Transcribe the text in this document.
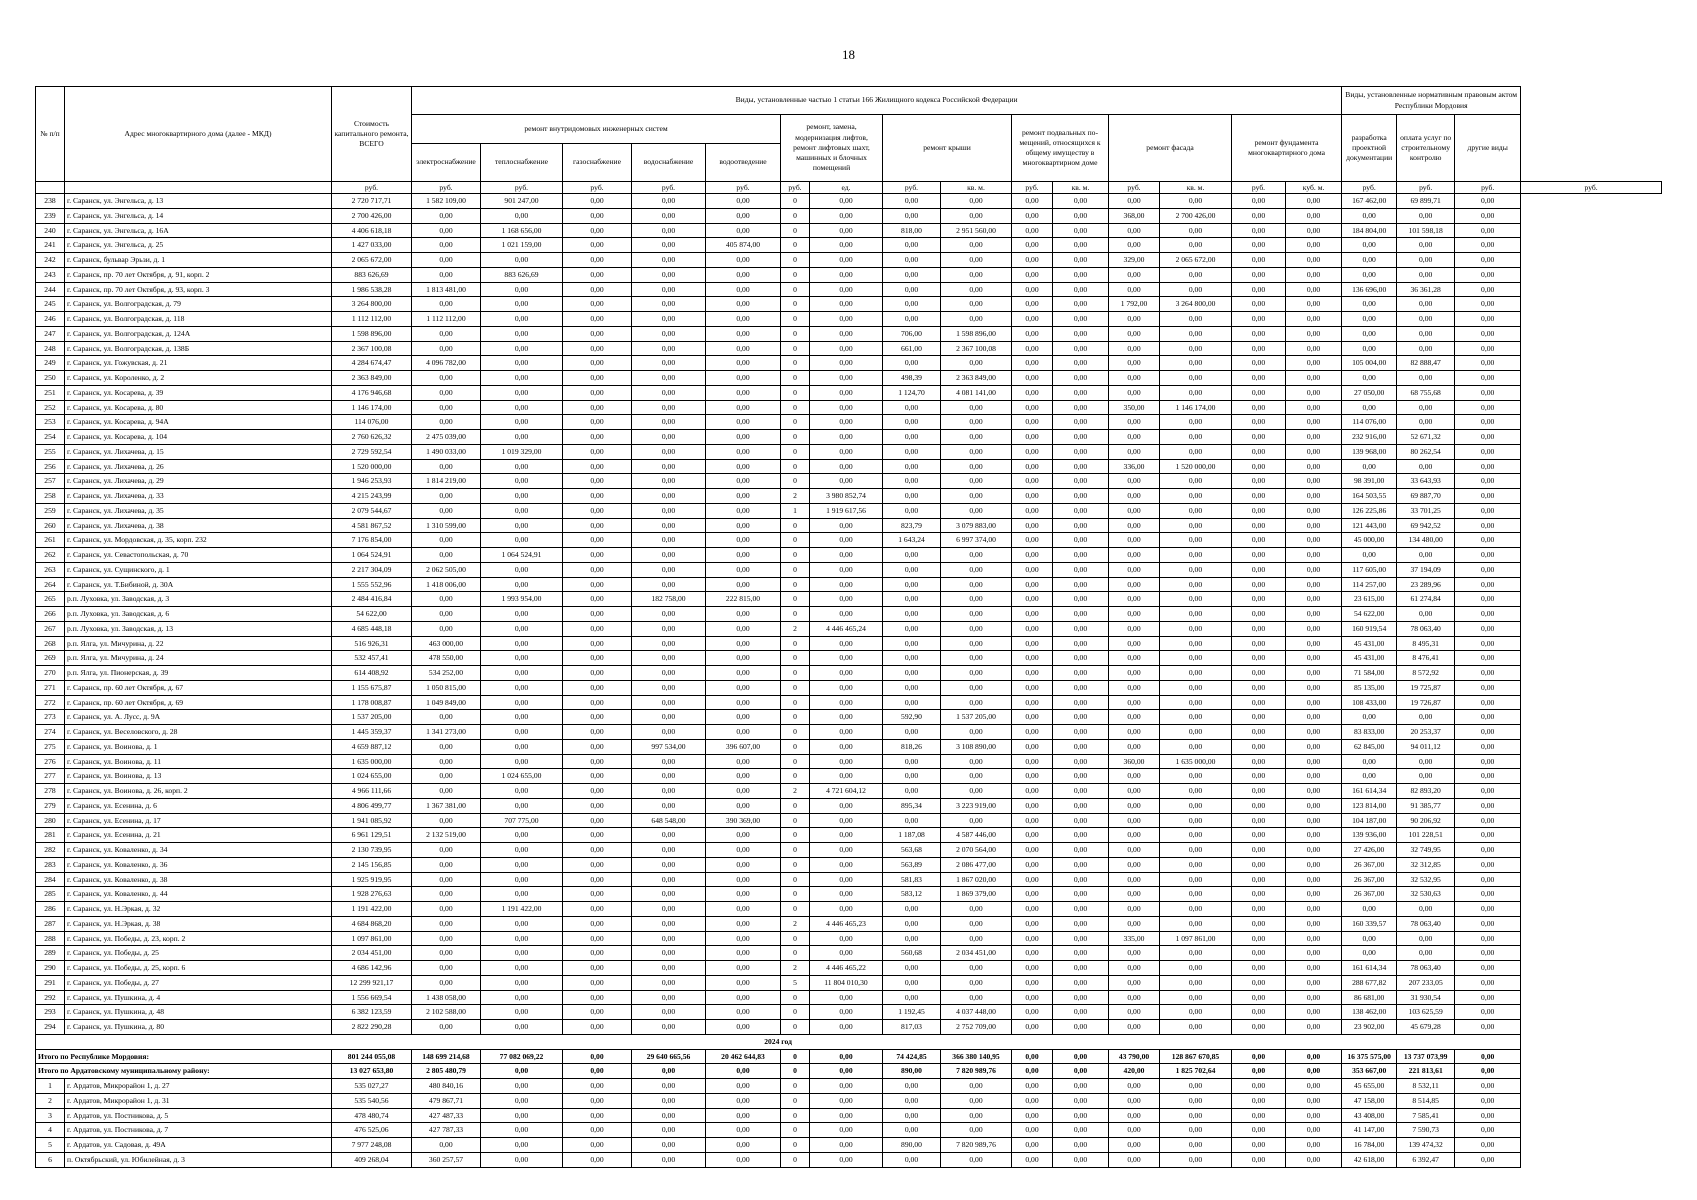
18
№ п/п	Адрес многоквартирного дома (далее - МКД)	Стоимость капитального ремонта, ВСЕГО	Виды, установленные частью 1 статьи 166 Жилищного кодекса Российской Федерации															Виды, установленные нормативным правовым актом Республики Мордовия			
			ремонт внутридомовых инженерных систем					ремонт, замена, модернизация лифтов, ремонт лифтовых шахт, машинных и блочных помещений		ремонт крыши		ремонт подвальных по- мещений, относящихся к общему имуществу в многоквартирном доме		ремонт фасада		ремонт фундамента многоквартирного дома		разработка проектной документации	оплата услуг по строительному контролю	другие виды	
			электроснабжение	теплоснабжение	газоснабжение	водоснабжение	водоотведение														
		руб.	руб.	руб.	руб.	руб.	руб.	руб.	ед.	руб.	кв. м.	руб.	кв. м.	руб.	кв. м.	руб.	куб. м.	руб.	руб.	руб.	руб.
238	г. Саранск, ул. Энгельса, д. 13	2 720 717,71	1 582 109,00	901 247,00	0,00	0,00	0,00	0	0,00	0,00	0,00	0,00	0,00	0,00	0,00	0,00	0,00	167 462,00	69 899,71	0,00	
239	г. Саранск, ул. Энгельса, д. 14	2 700 426,00	0,00	0,00	0,00	0,00	0,00	0	0,00	0,00	0,00	0,00	0,00	368,00	2 700 426,00	0,00	0,00	0,00	0,00	0,00	
240	г. Саранск, ул. Энгельса, д. 16А	4 406 618,18	0,00	1 168 656,00	0,00	0,00	0,00	0	0,00	818,00	2 951 560,00	0,00	0,00	0,00	0,00	0,00	0,00	184 804,00	101 598,18	0,00	
241	г. Саранск, ул. Энгельса, д. 25	1 427 033,00	0,00	1 021 159,00	0,00	0,00	405 874,00	0	0,00	0,00	0,00	0,00	0,00	0,00	0,00	0,00	0,00	0,00	0,00	0,00	
242	г. Саранск, бульвар Эрьзи, д. 1	2 065 672,00	0,00	0,00	0,00	0,00	0,00	0	0,00	0,00	0,00	0,00	0,00	329,00	2 065 672,00	0,00	0,00	0,00	0,00	0,00	
243	г. Саранск, пр. 70 лет Октября, д. 91, корп. 2	883 626,69	0,00	883 626,69	0,00	0,00	0,00	0	0,00	0,00	0,00	0,00	0,00	0,00	0,00	0,00	0,00	0,00	0,00	0,00	
244	г. Саранск, пр. 70 лет Октября, д. 93, корп. 3	1 986 538,28	1 813 481,00	0,00	0,00	0,00	0,00	0	0,00	0,00	0,00	0,00	0,00	0,00	0,00	0,00	0,00	136 696,00	36 361,28	0,00	
245	г. Саранск, ул. Волгоградская, д. 79	3 264 800,00	0,00	0,00	0,00	0,00	0,00	0	0,00	0,00	0,00	0,00	0,00	1 792,00	3 264 800,00	0,00	0,00	0,00	0,00	0,00	
246	г. Саранск, ул. Волгоградская, д. 118	1 112 112,00	1 112 112,00	0,00	0,00	0,00	0,00	0	0,00	0,00	0,00	0,00	0,00	0,00	0,00	0,00	0,00	0,00	0,00	0,00	
247	г. Саранск, ул. Волгоградская, д. 124А	1 598 896,00	0,00	0,00	0,00	0,00	0,00	0	0,00	706,00	1 598 896,00	0,00	0,00	0,00	0,00	0,00	0,00	0,00	0,00	0,00	
248	г. Саранск, ул. Волгоградская, д. 138Б	2 367 100,08	0,00	0,00	0,00	0,00	0,00	0	0,00	661,00	2 367 100,08	0,00	0,00	0,00	0,00	0,00	0,00	0,00	0,00	0,00	
249	г. Саранск, ул. Гожувская, д. 21	4 284 674,47	4 096 782,00	0,00	0,00	0,00	0,00	0	0,00	0,00	0,00	0,00	0,00	0,00	0,00	0,00	0,00	105 004,00	82 888,47	0,00	
250	г. Саранск, ул. Короленко, д. 2	2 363 849,00	0,00	0,00	0,00	0,00	0,00	0	0,00	498,39	2 363 849,00	0,00	0,00	0,00	0,00	0,00	0,00	0,00	0,00	0,00	
251	г. Саранск, ул. Косарева, д. 39	4 176 946,68	0,00	0,00	0,00	0,00	0,00	0	0,00	1 124,70	4 081 141,00	0,00	0,00	0,00	0,00	0,00	0,00	27 050,00	68 755,68	0,00	
252	г. Саранск, ул. Косарева, д. 80	1 146 174,00	0,00	0,00	0,00	0,00	0,00	0	0,00	0,00	0,00	0,00	0,00	350,00	1 146 174,00	0,00	0,00	0,00	0,00	0,00	
253	г. Саранск, ул. Косарева, д. 94А	114 076,00	0,00	0,00	0,00	0,00	0,00	0	0,00	0,00	0,00	0,00	0,00	0,00	0,00	0,00	0,00	114 076,00	0,00	0,00	
254	г. Саранск, ул. Косарева, д. 104	2 760 626,32	2 475 039,00	0,00	0,00	0,00	0,00	0	0,00	0,00	0,00	0,00	0,00	0,00	0,00	0,00	0,00	232 916,00	52 671,32	0,00	
255	г. Саранск, ул. Лихачева, д. 15	2 729 592,54	1 490 033,00	1 019 329,00	0,00	0,00	0,00	0	0,00	0,00	0,00	0,00	0,00	0,00	0,00	0,00	0,00	139 968,00	80 262,54	0,00	
256	г. Саранск, ул. Лихачева, д. 26	1 520 000,00	0,00	0,00	0,00	0,00	0,00	0	0,00	0,00	0,00	0,00	0,00	336,00	1 520 000,00	0,00	0,00	0,00	0,00	0,00	
257	г. Саранск, ул. Лихачева, д. 29	1 946 253,93	1 814 219,00	0,00	0,00	0,00	0,00	0	0,00	0,00	0,00	0,00	0,00	0,00	0,00	0,00	0,00	98 391,00	33 643,93	0,00	
258	г. Саранск, ул. Лихачева, д. 33	4 215 243,99	0,00	0,00	0,00	0,00	0,00	2	3 980 852,74	0,00	0,00	0,00	0,00	0,00	0,00	0,00	0,00	164 503,55	69 887,70	0,00	
259	г. Саранск, ул. Лихачева, д. 35	2 079 544,67	0,00	0,00	0,00	0,00	0,00	1	1 919 617,56	0,00	0,00	0,00	0,00	0,00	0,00	0,00	0,00	126 225,86	33 701,25	0,00	
260	г. Саранск, ул. Лихачева, д. 38	4 581 867,52	1 310 599,00	0,00	0,00	0,00	0,00	0	0,00	823,79	3 079 883,00	0,00	0,00	0,00	0,00	0,00	0,00	121 443,00	69 942,52	0,00	
261	г. Саранск, ул. Мордовская, д. 35, корп. 232	7 176 854,00	0,00	0,00	0,00	0,00	0,00	0	0,00	1 643,24	6 997 374,00	0,00	0,00	0,00	0,00	0,00	0,00	45 000,00	134 480,00	0,00	
262	г. Саранск, ул. Севастопольская, д. 70	1 064 524,91	0,00	1 064 524,91	0,00	0,00	0,00	0	0,00	0,00	0,00	0,00	0,00	0,00	0,00	0,00	0,00	0,00	0,00	0,00	
263	г. Саранск, ул. Сущинского, д. 1	2 217 304,09	2 062 505,00	0,00	0,00	0,00	0,00	0	0,00	0,00	0,00	0,00	0,00	0,00	0,00	0,00	0,00	117 605,00	37 194,09	0,00	
264	г. Саранск, ул. Т.Бибиной, д. 30А	1 555 552,96	1 418 006,00	0,00	0,00	0,00	0,00	0	0,00	0,00	0,00	0,00	0,00	0,00	0,00	0,00	0,00	114 257,00	23 289,96	0,00	
265	р.п. Луховка, ул. Заводская, д. 3	2 484 416,84	0,00	1 993 954,00	0,00	182 758,00	222 815,00	0	0,00	0,00	0,00	0,00	0,00	0,00	0,00	0,00	0,00	23 615,00	61 274,84	0,00	
266	р.п. Луховка, ул. Заводская, д. 6	54 622,00	0,00	0,00	0,00	0,00	0,00	0	0,00	0,00	0,00	0,00	0,00	0,00	0,00	0,00	0,00	54 622,00	0,00	0,00	
267	р.п. Луховка, ул. Заводская, д. 13	4 685 448,18	0,00	0,00	0,00	0,00	0,00	2	4 446 465,24	0,00	0,00	0,00	0,00	0,00	0,00	0,00	0,00	160 919,54	78 063,40	0,00	
268	р.п. Ялга, ул. Мичурина, д. 22	516 926,31	463 000,00	0,00	0,00	0,00	0,00	0	0,00	0,00	0,00	0,00	0,00	0,00	0,00	0,00	0,00	45 431,00	8 495,31	0,00	
269	р.п. Ялга, ул. Мичурина, д. 24	532 457,41	478 550,00	0,00	0,00	0,00	0,00	0	0,00	0,00	0,00	0,00	0,00	0,00	0,00	0,00	0,00	45 431,00	8 476,41	0,00	
270	р.п. Ялга, ул. Пионерская, д. 39	614 408,92	534 252,00	0,00	0,00	0,00	0,00	0	0,00	0,00	0,00	0,00	0,00	0,00	0,00	0,00	0,00	71 584,00	8 572,92	0,00	
271	г. Саранск, пр. 60 лет Октября, д. 67	1 155 675,87	1 050 815,00	0,00	0,00	0,00	0,00	0	0,00	0,00	0,00	0,00	0,00	0,00	0,00	0,00	0,00	85 135,00	19 725,87	0,00	
272	г. Саранск, пр. 60 лет Октября, д. 69	1 178 008,87	1 049 849,00	0,00	0,00	0,00	0,00	0	0,00	0,00	0,00	0,00	0,00	0,00	0,00	0,00	0,00	108 433,00	19 726,87	0,00	
273	г. Саранск, ул. А. Лусс, д. 9А	1 537 205,00	0,00	0,00	0,00	0,00	0,00	0	0,00	592,90	1 537 205,00	0,00	0,00	0,00	0,00	0,00	0,00	0,00	0,00	0,00	
274	г. Саранск, ул. Веселовского, д. 28	1 445 359,37	1 341 273,00	0,00	0,00	0,00	0,00	0	0,00	0,00	0,00	0,00	0,00	0,00	0,00	0,00	0,00	83 833,00	20 253,37	0,00	
275	г. Саранск, ул. Воинова, д. 1	4 659 887,12	0,00	0,00	0,00	997 534,00	396 607,00	0	0,00	818,26	3 108 890,00	0,00	0,00	0,00	0,00	0,00	0,00	62 845,00	94 011,12	0,00	
276	г. Саранск, ул. Воинова, д. 11	1 635 000,00	0,00	0,00	0,00	0,00	0,00	0	0,00	0,00	0,00	0,00	0,00	360,00	1 635 000,00	0,00	0,00	0,00	0,00	0,00	
277	г. Саранск, ул. Воинова, д. 13	1 024 655,00	0,00	1 024 655,00	0,00	0,00	0,00	0	0,00	0,00	0,00	0,00	0,00	0,00	0,00	0,00	0,00	0,00	0,00	0,00	
278	г. Саранск, ул. Воинова, д. 26, корп. 2	4 966 111,66	0,00	0,00	0,00	0,00	0,00	2	4 721 604,12	0,00	0,00	0,00	0,00	0,00	0,00	0,00	0,00	161 614,34	82 893,20	0,00	
279	г. Саранск, ул. Есенина, д. 6	4 806 499,77	1 367 381,00	0,00	0,00	0,00	0,00	0	0,00	895,34	3 223 919,00	0,00	0,00	0,00	0,00	0,00	0,00	123 814,00	91 385,77	0,00	
280	г. Саранск, ул. Есенина, д. 17	1 941 085,92	0,00	707 775,00	0,00	648 548,00	390 369,00	0	0,00	0,00	0,00	0,00	0,00	0,00	0,00	0,00	0,00	104 187,00	90 206,92	0,00	
281	г. Саранск, ул. Есенина, д. 21	6 961 129,51	2 132 519,00	0,00	0,00	0,00	0,00	0	0,00	1 187,08	4 587 446,00	0,00	0,00	0,00	0,00	0,00	0,00	139 936,00	101 228,51	0,00	
282	г. Саранск, ул. Коваленко, д. 34	2 130 739,95	0,00	0,00	0,00	0,00	0,00	0	0,00	563,68	2 070 564,00	0,00	0,00	0,00	0,00	0,00	0,00	27 426,00	32 749,95	0,00	
283	г. Саранск, ул. Коваленко, д. 36	2 145 156,85	0,00	0,00	0,00	0,00	0,00	0	0,00	563,89	2 086 477,00	0,00	0,00	0,00	0,00	0,00	0,00	26 367,00	32 312,85	0,00	
284	г. Саранск, ул. Коваленко, д. 38	1 925 919,95	0,00	0,00	0,00	0,00	0,00	0	0,00	581,83	1 867 020,00	0,00	0,00	0,00	0,00	0,00	0,00	26 367,00	32 532,95	0,00	
285	г. Саранск, ул. Коваленко, д. 44	1 928 276,63	0,00	0,00	0,00	0,00	0,00	0	0,00	583,12	1 869 379,00	0,00	0,00	0,00	0,00	0,00	0,00	26 367,00	32 530,63	0,00	
286	г. Саранск, ул. Н.Эркая, д. 32	1 191 422,00	0,00	1 191 422,00	0,00	0,00	0,00	0	0,00	0,00	0,00	0,00	0,00	0,00	0,00	0,00	0,00	0,00	0,00	0,00	
287	г. Саранск, ул. Н.Эркая, д. 38	4 684 868,20	0,00	0,00	0,00	0,00	0,00	2	4 446 465,23	0,00	0,00	0,00	0,00	0,00	0,00	0,00	0,00	160 339,57	78 063,40	0,00	
288	г. Саранск, ул. Победы, д. 23, корп. 2	1 097 861,00	0,00	0,00	0,00	0,00	0,00	0	0,00	0,00	0,00	0,00	0,00	335,00	1 097 861,00	0,00	0,00	0,00	0,00	0,00	
289	г. Саранск, ул. Победы, д. 25	2 034 451,00	0,00	0,00	0,00	0,00	0,00	0	0,00	560,68	2 034 451,00	0,00	0,00	0,00	0,00	0,00	0,00	0,00	0,00	0,00	
290	г. Саранск, ул. Победы, д. 25, корп. 6	4 686 142,96	0,00	0,00	0,00	0,00	0,00	2	4 446 465,22	0,00	0,00	0,00	0,00	0,00	0,00	0,00	0,00	161 614,34	78 063,40	0,00	
291	г. Саранск, ул. Победы, д. 27	12 299 921,17	0,00	0,00	0,00	0,00	0,00	5	11 804 010,30	0,00	0,00	0,00	0,00	0,00	0,00	0,00	0,00	288 677,82	207 233,05	0,00	
292	г. Саранск, ул. Пушкина, д. 4	1 556 669,54	1 438 058,00	0,00	0,00	0,00	0,00	0	0,00	0,00	0,00	0,00	0,00	0,00	0,00	0,00	0,00	86 681,00	31 930,54	0,00	
293	г. Саранск, ул. Пушкина, д. 48	6 382 123,59	2 102 588,00	0,00	0,00	0,00	0,00	0	0,00	1 192,45	4 037 448,00	0,00	0,00	0,00	0,00	0,00	0,00	138 462,00	103 625,59	0,00	
294	г. Саранск, ул. Пушкина, д. 80	2 822 290,28	0,00	0,00	0,00	0,00	0,00	0	0,00	817,03	2 752 709,00	0,00	0,00	0,00	0,00	0,00	0,00	23 902,00	45 679,28	0,00	
2024 год																					
Итого по Республике Мордовия:		801 244 055,08	148 699 214,68	77 082 069,22	0,00	29 640 665,56	20 462 644,83	0	0,00	74 424,85	366 380 140,95	0,00	0,00	43 790,00	128 867 670,85	0,00	0,00	16 375 575,00	13 737 073,99	0,00	
Итого по Ардатовскому муниципальному району:		13 027 653,80	2 805 480,79	0,00	0,00	0,00	0,00	0	0,00	890,00	7 820 989,76	0,00	0,00	420,00	1 825 702,64	0,00	0,00	353 667,00	221 813,61	0,00	
1	г. Ардатов, Микрорайон 1, д. 27	535 027,27	480 840,16	0,00	0,00	0,00	0,00	0	0,00	0,00	0,00	0,00	0,00	0,00	0,00	0,00	0,00	45 655,00	8 532,11	0,00	
2	г. Ардатов, Микрорайон 1, д. 31	535 540,56	479 867,71	0,00	0,00	0,00	0,00	0	0,00	0,00	0,00	0,00	0,00	0,00	0,00	0,00	0,00	47 158,00	8 514,85	0,00	
3	г. Ардатов, ул. Постникова, д. 5	478 480,74	427 487,33	0,00	0,00	0,00	0,00	0	0,00	0,00	0,00	0,00	0,00	0,00	0,00	0,00	0,00	43 408,00	7 585,41	0,00	
4	г. Ардатов, ул. Постникова, д. 7	476 525,06	427 787,33	0,00	0,00	0,00	0,00	0	0,00	0,00	0,00	0,00	0,00	0,00	0,00	0,00	0,00	41 147,00	7 590,73	0,00	
5	г. Ардатов, ул. Садовая, д. 49А	7 977 248,08	0,00	0,00	0,00	0,00	0,00	0	0,00	890,00	7 820 989,76	0,00	0,00	0,00	0,00	0,00	0,00	16 784,00	139 474,32	0,00	
6	п. Октябрьский, ул. Юбилейная, д. 3	409 268,04	360 257,57	0,00	0,00	0,00	0,00	0	0,00	0,00	0,00	0,00	0,00	0,00	0,00	0,00	0,00	42 618,00	6 392,47	0,00	
